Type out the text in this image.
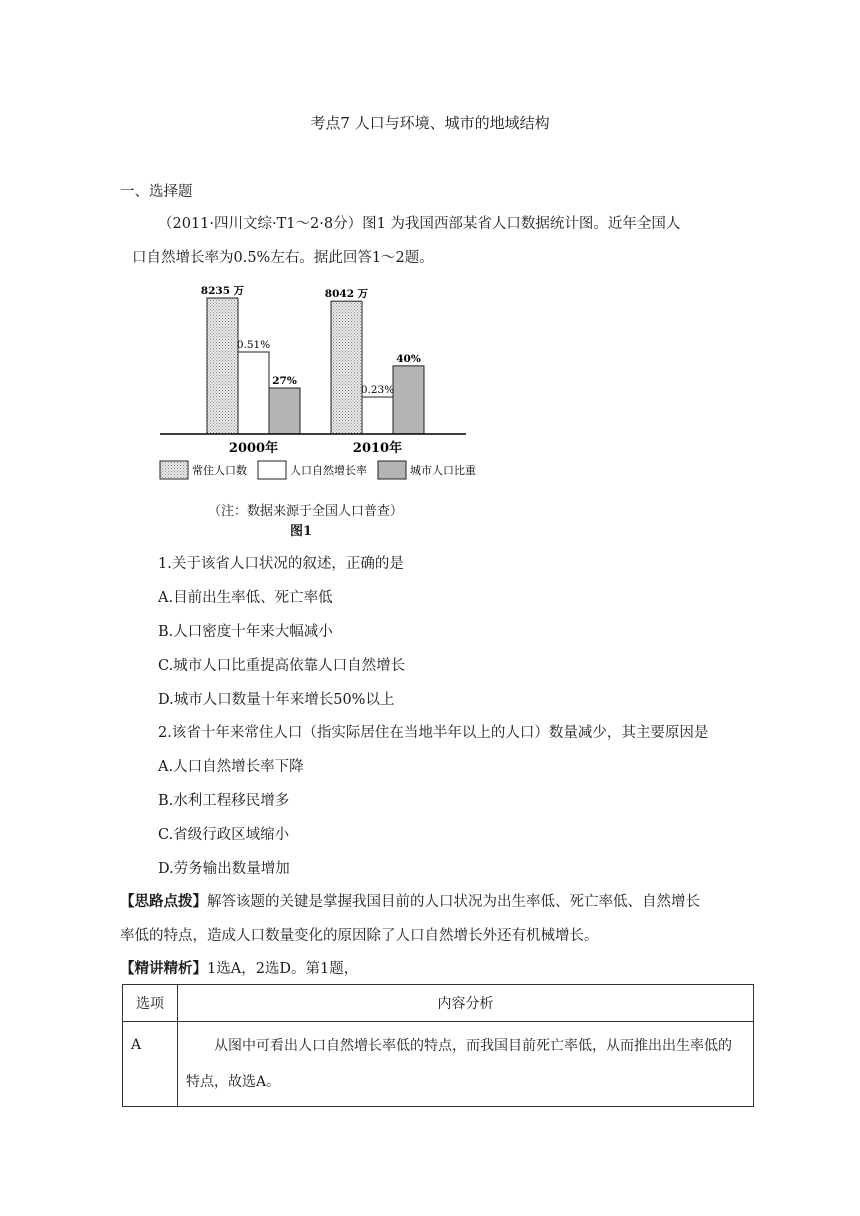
考点7 人口与环境、城市的地域结构
一、选择题
（2011·四川文综·T1～2·8分）图1 为我国西部某省人口数据统计图。近年全国人
口自然增长率为0.5%左右。据此回答1～2题。
8235 万
0.51%
27%
2000年
8042 万
0.23%
40%
2010年
常住人口数	人口自然增长率	城市人口比重
（注：数据来源于全国人口普查）
图1
1.关于该省人口状况的叙述，正确的是
A.目前出生率低、死亡率低
B.人口密度十年来大幅减小
C.城市人口比重提高依靠人口自然增长
D.城市人口数量十年来增长50%以上
2.该省十年来常住人口（指实际居住在当地半年以上的人口）数量减少，其主要原因是
A.人口自然增长率下降
B.水利工程移民增多
C.省级行政区域缩小
D.劳务输出数量增加
【思路点拨】解答该题的关键是掌握我国目前的人口状况为出生率低、死亡率低、自然增长
率低的特点，造成人口数量变化的原因除了人口自然增长外还有机械增长。
【精讲精析】1选A，2选D。第1题，
选项	内容分析
A	从图中可看出人口自然增长率低的特点，而我国目前死亡率低，从而推出出生率低的特点，故选A。
